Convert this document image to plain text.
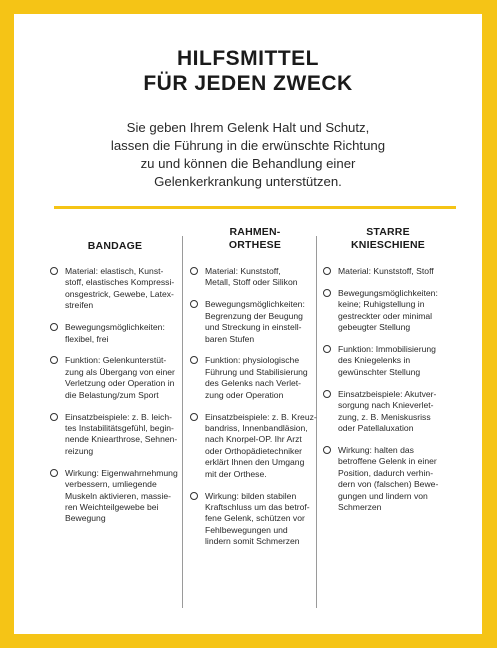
HILFSMITTEL
FÜR JEDEN ZWECK
Sie geben Ihrem Gelenk Halt und Schutz,
lassen die Führung in die erwünschte Richtung
zu und können die Behandlung einer
Gelenkerkrankung unterstützen.
BANDAGE
Material: elastisch, Kunst-
stoff, elastisches Kompressi-
onsgestrick, Gewebe, Latex-
streifen
Bewegungsmöglichkeiten:
flexibel, frei
Funktion: Gelenkunterstüt-
zung als Übergang von einer
Verletzung oder Operation in
die Belastung/zum Sport
Einsatzbeispiele: z. B. leich-
tes Instabilitätsgefühl, begin-
nende Kniearthrose, Sehnen-
reizung
Wirkung: Eigenwahrnehmung
verbessern, umliegende
Muskeln aktivieren, massie-
ren Weichteilgewebe bei
Bewegung
RAHMEN-
ORTHESE
Material: Kunststoff,
Metall, Stoff oder Silikon
Bewegungsmöglichkeiten:
Begrenzung der Beugung
und Streckung in einstell-
baren Stufen
Funktion: physiologische
Führung und Stabilisierung
des Gelenks nach Verlet-
zung oder Operation
Einsatzbeispiele: z. B. Kreuz-
bandriss, Innenbandläsion,
nach Knorpel-OP. Ihr Arzt
oder Orthopädietechniker
erklärt Ihnen den Umgang
mit der Orthese.
Wirkung: bilden stabilen
Kraftschluss um das betrof-
fene Gelenk, schützen vor
Fehlbewegungen und
lindern somit Schmerzen
STARRE
KNIESCHIENE
Material: Kunststoff, Stoff
Bewegungsmöglichkeiten:
keine; Ruhigstellung in
gestreckter oder minimal
gebeugter Stellung
Funktion: Immobilisierung
des Kniegelenks in
gewünschter Stellung
Einsatzbeispiele: Akutver-
sorgung nach Knieverlet-
zung, z. B. Meniskusriss
oder Patellaluxation
Wirkung: halten das
betroffene Gelenk in einer
Position, dadurch verhin-
dern von (falschen) Bewe-
gungen und lindern von
Schmerzen
